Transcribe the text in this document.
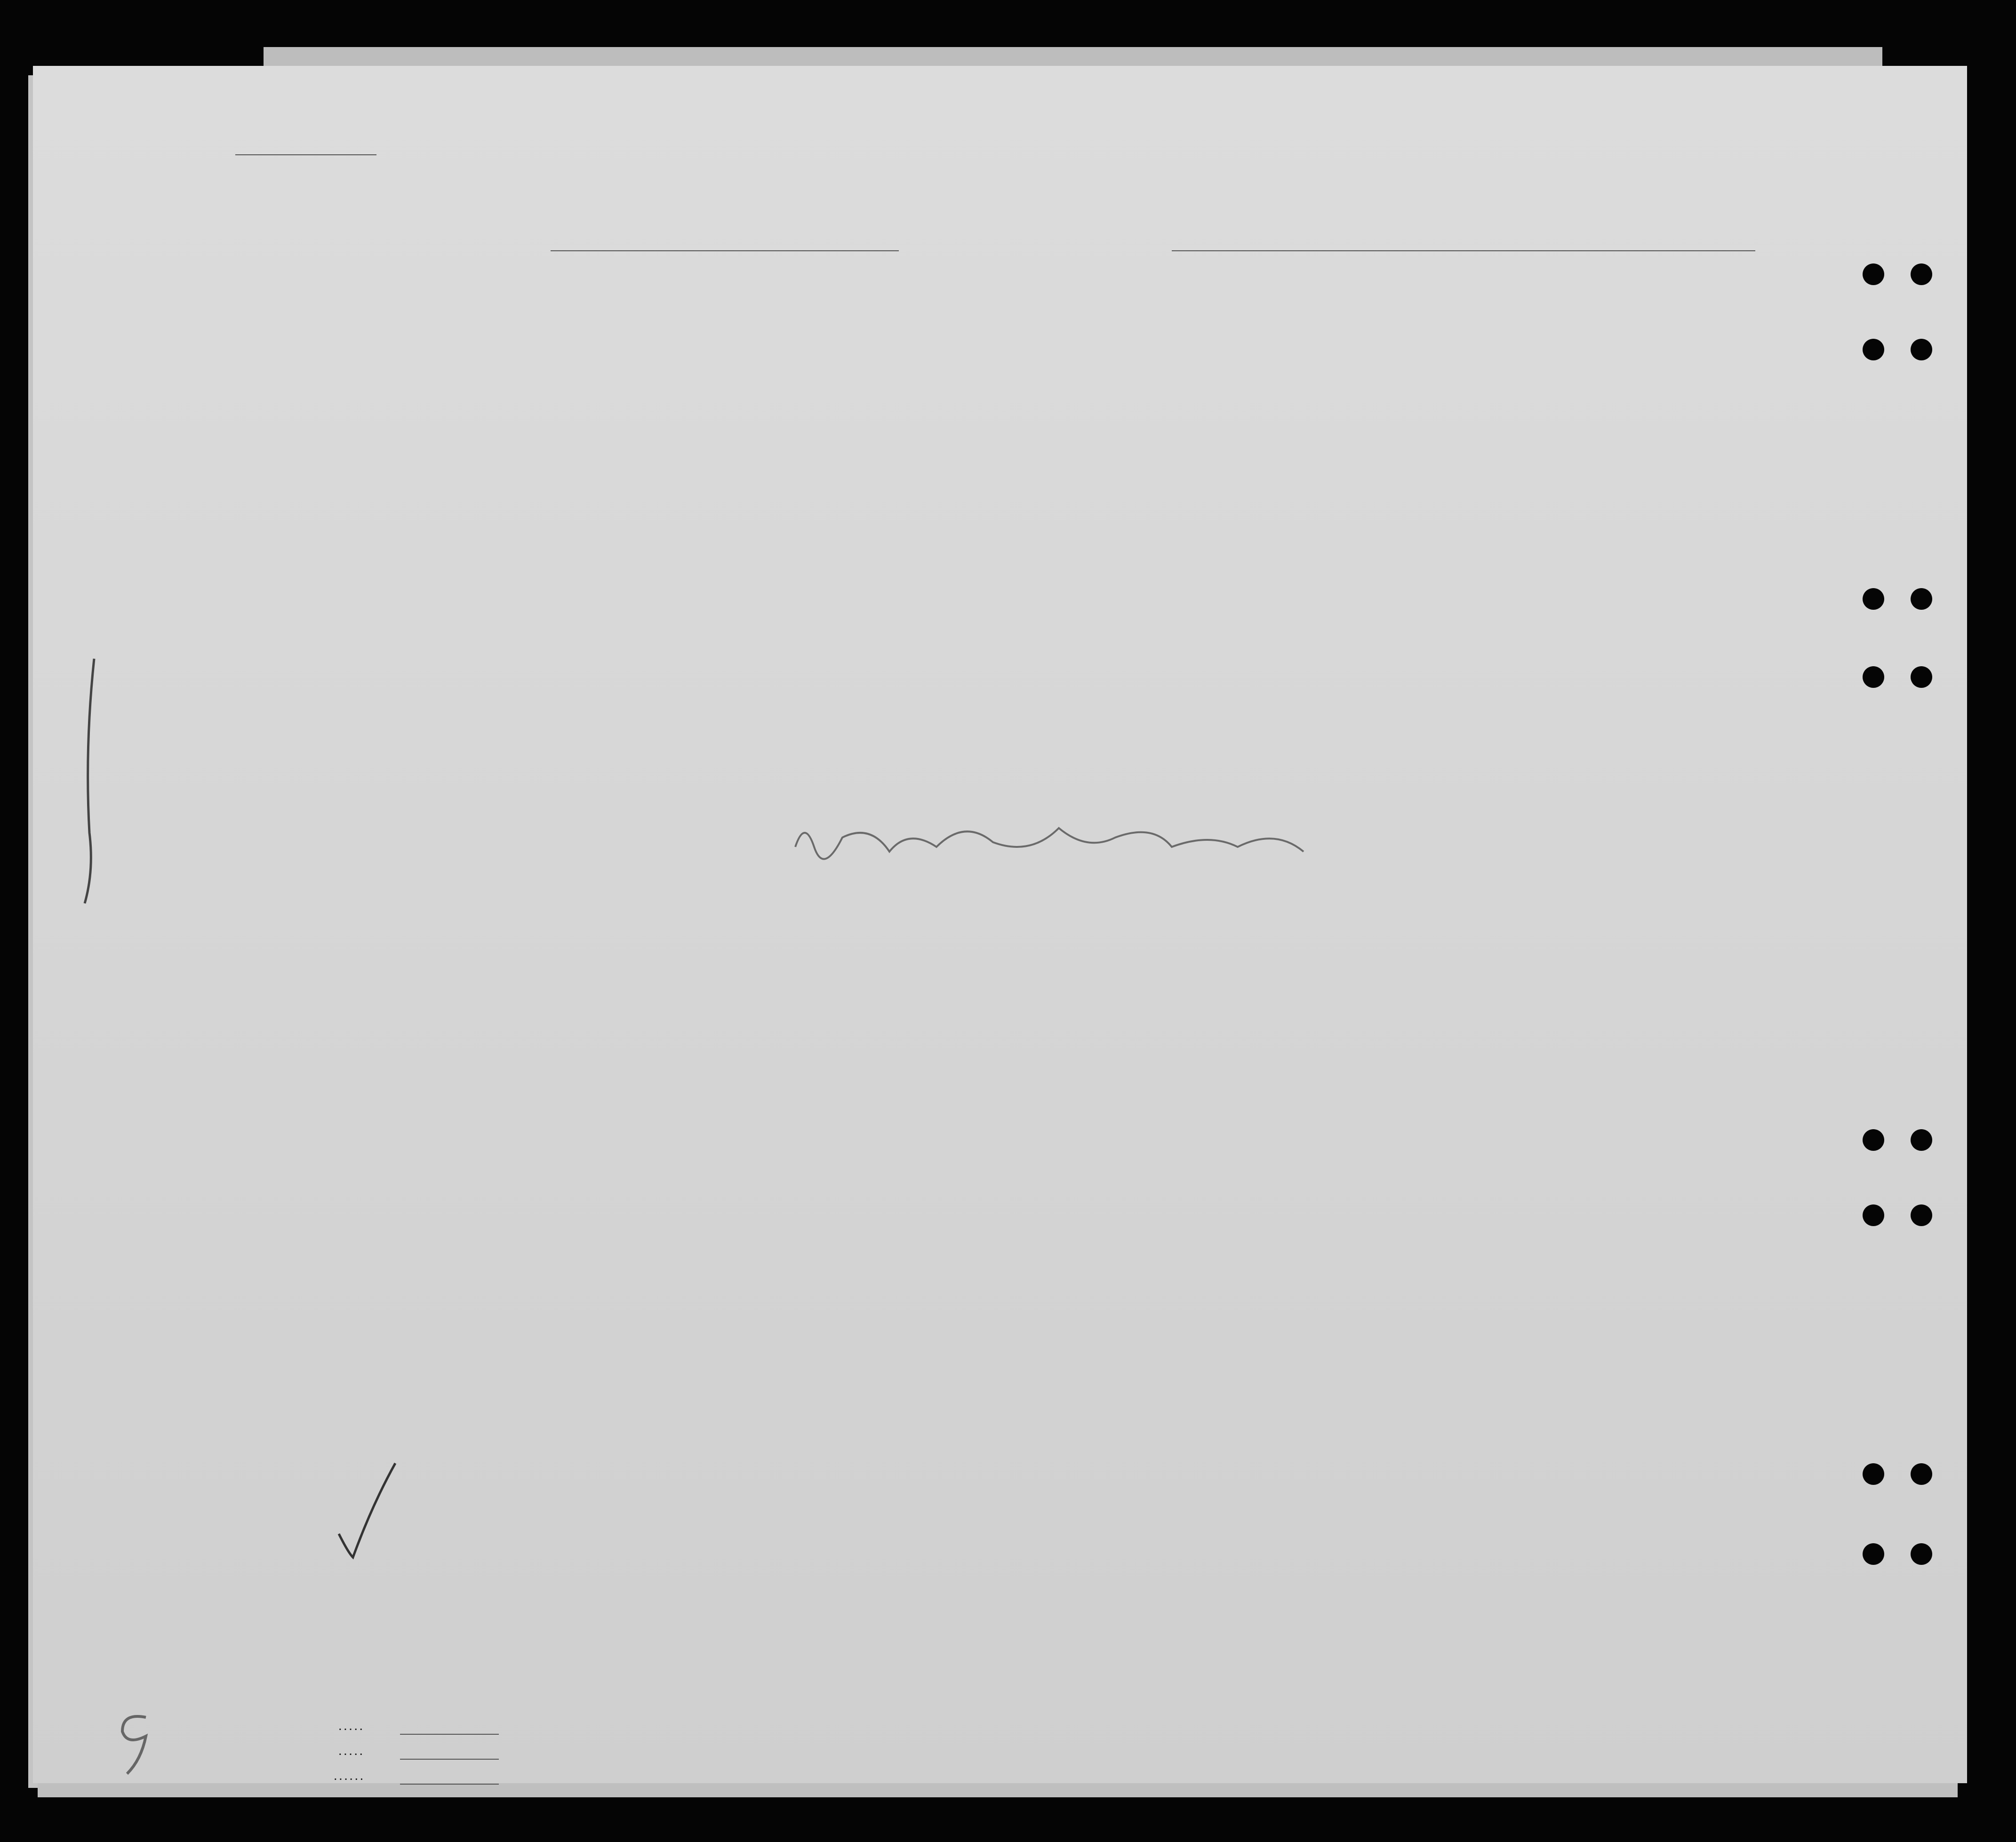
. . . . .
. . . . .
. . . . . .
